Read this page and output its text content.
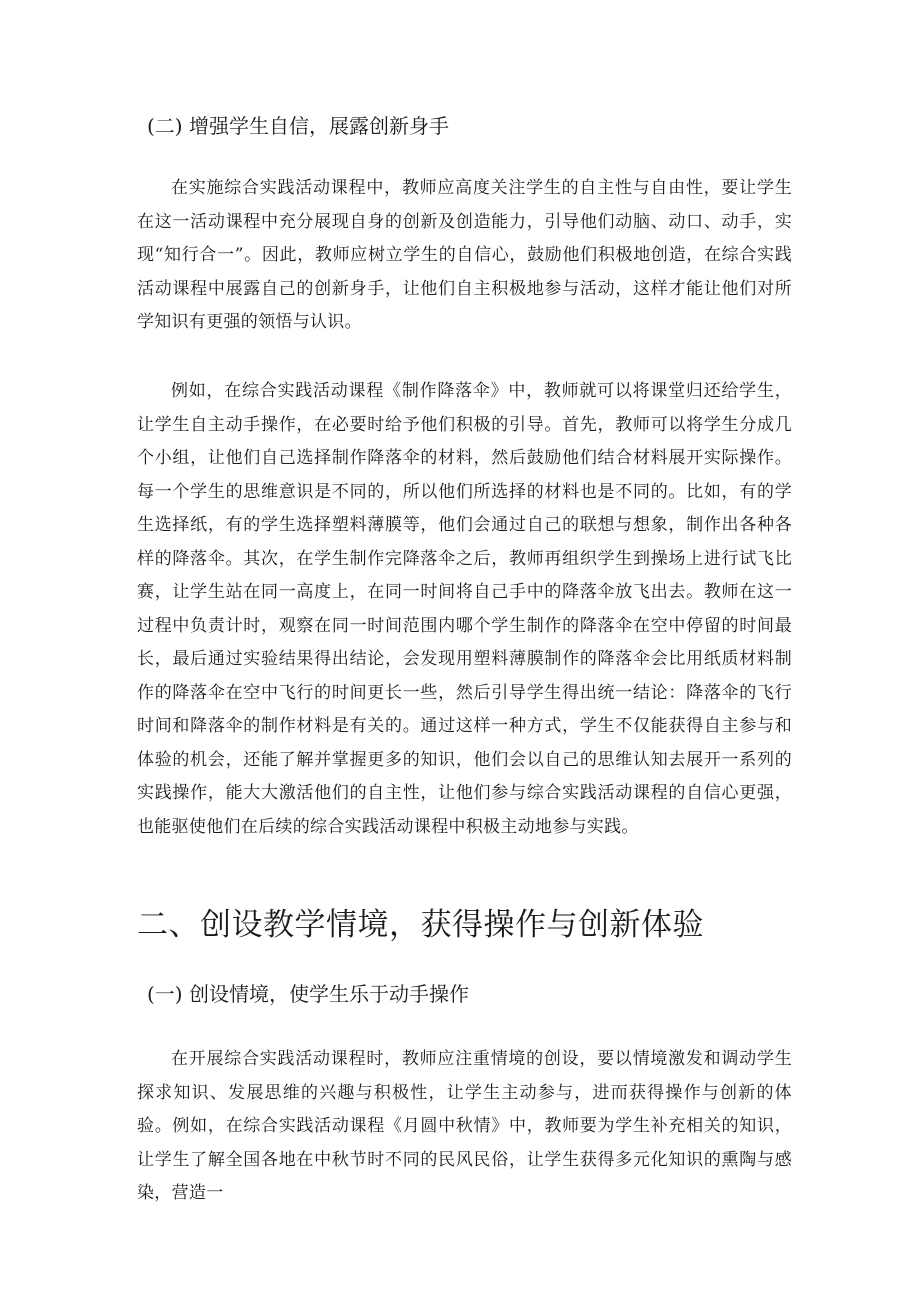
(二) 增强学生自信，展露创新身手

在实施综合实践活动课程中，教师应高度关注学生的自主性与自由性，要让学生在这一活动课程中充分展现自身的创新及创造能力，引导他们动脑、动口、动手，实现“知行合一”。因此，教师应树立学生的自信心，鼓励他们积极地创造，在综合实践活动课程中展露自己的创新身手，让他们自主积极地参与活动，这样才能让他们对所学知识有更强的领悟与认识。

例如，在综合实践活动课程《制作降落伞》中，教师就可以将课堂归还给学生，让学生自主动手操作，在必要时给予他们积极的引导。首先，教师可以将学生分成几个小组，让他们自己选择制作降落伞的材料，然后鼓励他们结合材料展开实际操作。每一个学生的思维意识是不同的，所以他们所选择的材料也是不同的。比如，有的学生选择纸，有的学生选择塑料薄膜等，他们会通过自己的联想与想象，制作出各种各样的降落伞。其次，在学生制作完降落伞之后，教师再组织学生到操场上进行试飞比赛，让学生站在同一高度上，在同一时间将自己手中的降落伞放飞出去。教师在这一过程中负责计时，观察在同一时间范围内哪个学生制作的降落伞在空中停留的时间最长，最后通过实验结果得出结论，会发现用塑料薄膜制作的降落伞会比用纸质材料制作的降落伞在空中飞行的时间更长一些，然后引导学生得出统一结论：降落伞的飞行时间和降落伞的制作材料是有关的。通过这样一种方式，学生不仅能获得自主参与和体验的机会，还能了解并掌握更多的知识，他们会以自己的思维认知去展开一系列的实践操作，能大大激活他们的自主性，让他们参与综合实践活动课程的自信心更强，也能驱使他们在后续的综合实践活动课程中积极主动地参与实践。

二、创设教学情境，获得操作与创新体验
(一) 创设情境，使学生乐于动手操作

在开展综合实践活动课程时，教师应注重情境的创设，要以情境激发和调动学生探求知识、发展思维的兴趣与积极性，让学生主动参与，进而获得操作与创新的体验。例如，在综合实践活动课程《月圆中秋情》中，教师要为学生补充相关的知识，让学生了解全国各地在中秋节时不同的民风民俗，让学生获得多元化知识的熏陶与感染，营造一
